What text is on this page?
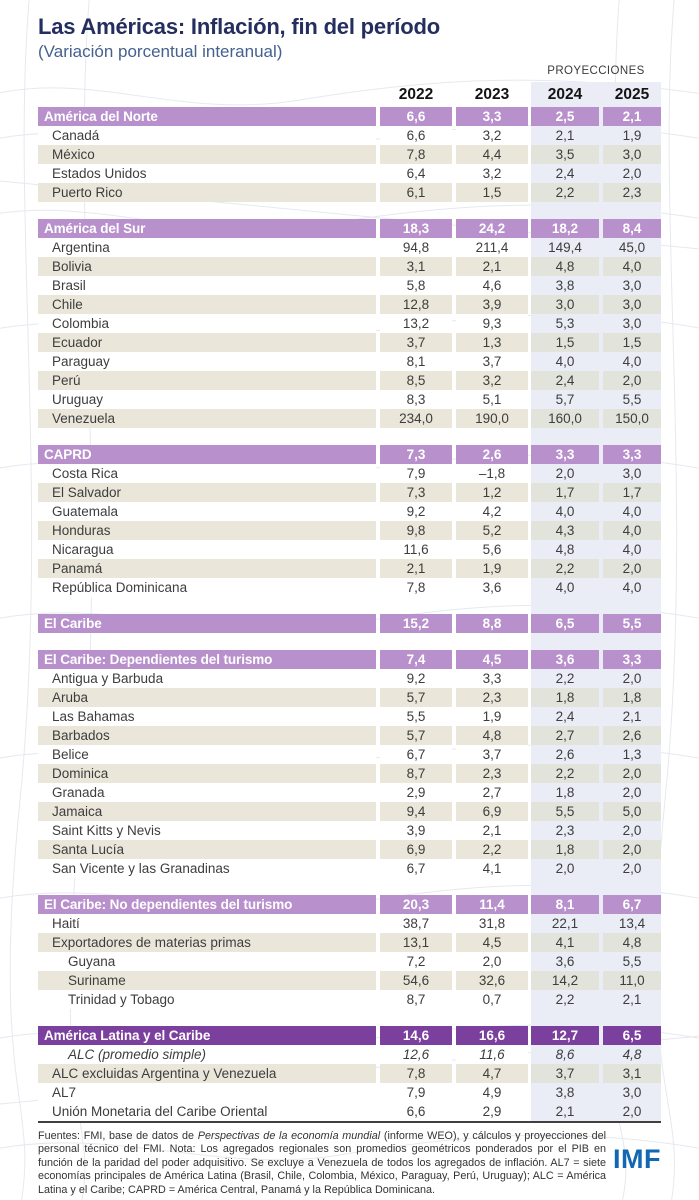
Las Américas: Inflación, fin del período
(Variación porcentual interanual)
PROYECCIONES
2022	2023	2024	2025
América del Norte	6,6	3,3	2,5	2,1
Canadá	6,6	3,2	2,1	1,9
México	7,8	4,4	3,5	3,0
Estados Unidos	6,4	3,2	2,4	2,0
Puerto Rico	6,1	1,5	2,2	2,3
América del Sur	18,3	24,2	18,2	8,4
Argentina	94,8	211,4	149,4	45,0
Bolivia	3,1	2,1	4,8	4,0
Brasil	5,8	4,6	3,8	3,0
Chile	12,8	3,9	3,0	3,0
Colombia	13,2	9,3	5,3	3,0
Ecuador	3,7	1,3	1,5	1,5
Paraguay	8,1	3,7	4,0	4,0
Perú	8,5	3,2	2,4	2,0
Uruguay	8,3	5,1	5,7	5,5
Venezuela	234,0	190,0	160,0	150,0
CAPRD	7,3	2,6	3,3	3,3
Costa Rica	7,9	–1,8	2,0	3,0
El Salvador	7,3	1,2	1,7	1,7
Guatemala	9,2	4,2	4,0	4,0
Honduras	9,8	5,2	4,3	4,0
Nicaragua	11,6	5,6	4,8	4,0
Panamá	2,1	1,9	2,2	2,0
República Dominicana	7,8	3,6	4,0	4,0
El Caribe	15,2	8,8	6,5	5,5
El Caribe: Dependientes del turismo	7,4	4,5	3,6	3,3
Antigua y Barbuda	9,2	3,3	2,2	2,0
Aruba	5,7	2,3	1,8	1,8
Las Bahamas	5,5	1,9	2,4	2,1
Barbados	5,7	4,8	2,7	2,6
Belice	6,7	3,7	2,6	1,3
Dominica	8,7	2,3	2,2	2,0
Granada	2,9	2,7	1,8	2,0
Jamaica	9,4	6,9	5,5	5,0
Saint Kitts y Nevis	3,9	2,1	2,3	2,0
Santa Lucía	6,9	2,2	1,8	2,0
San Vicente y las Granadinas	6,7	4,1	2,0	2,0
El Caribe: No dependientes del turismo	20,3	11,4	8,1	6,7
Haití	38,7	31,8	22,1	13,4
Exportadores de materias primas	13,1	4,5	4,1	4,8
Guyana	7,2	2,0	3,6	5,5
Suriname	54,6	32,6	14,2	11,0
Trinidad y Tobago	8,7	0,7	2,2	2,1
América Latina y el Caribe	14,6	16,6	12,7	6,5
ALC (promedio simple)	12,6	11,6	8,6	4,8
ALC excluidas Argentina y Venezuela	7,8	4,7	3,7	3,1
AL7	7,9	4,9	3,8	3,0
Unión Monetaria del Caribe Oriental	6,6	2,9	2,1	2,0
Fuentes: FMI, base de datos de Perspectivas de la economía mundial (informe WEO), y cálculos y proyecciones del personal técnico del FMI. Nota: Los agregados regionales son promedios geométricos ponderados por el PIB en función de la paridad del poder adquisitivo. Se excluye a Venezuela de todos los agregados de inflación. AL7 = siete economías principales de América Latina (Brasil, Chile, Colombia, México, Paraguay, Perú, Uruguay); ALC = América Latina y el Caribe; CAPRD = América Central, Panamá y la República Dominicana.
IMF
